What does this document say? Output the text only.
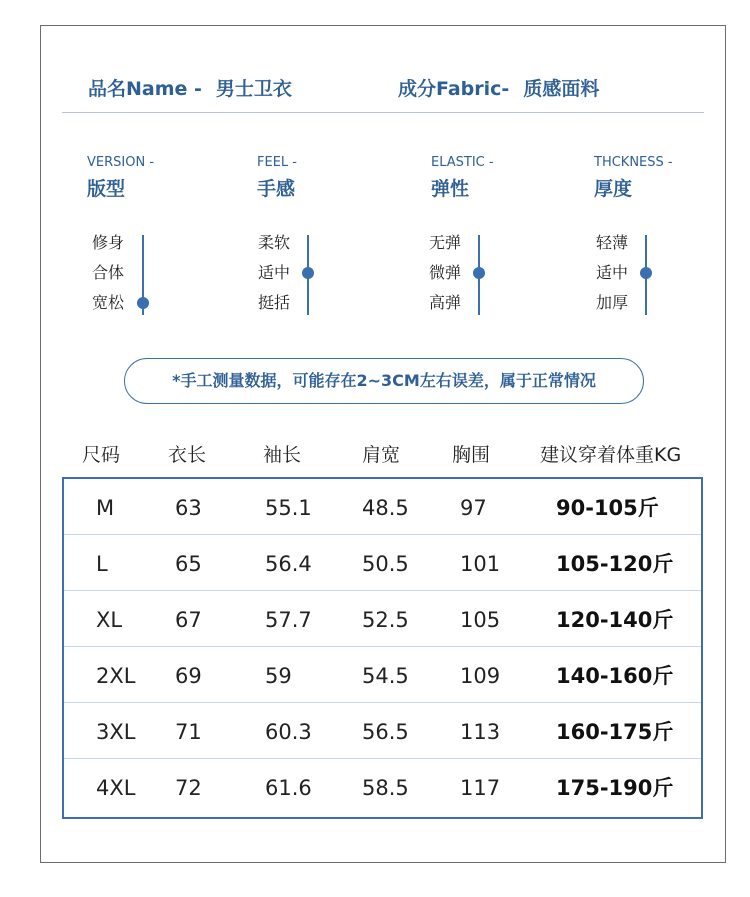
品名Name - 男士卫衣	成分Fabric- 质感面料
VERSION -
版型
FEEL -
手感
ELASTIC -
弹性
THCKNESS -
厚度
修身
合体
宽松
柔软
适中
挺括
无弹
微弹
高弹
轻薄
适中
加厚
*手工测量数据，可能存在2~3CM左右误差，属于正常情况
尺码	衣长	袖长	肩宽	胸围	建议穿着体重KG
M	63	55.1 48.5 97	90-105斤
L	65	56.4 50.5 101	105-120斤
XL	67	57.7 52.5 105	120-140斤
2XL 69	59	54.5 109	140-160斤
3XL 71	60.3 56.5 113	160-175斤
4XL 72	61.6 58.5 117	175-190斤
